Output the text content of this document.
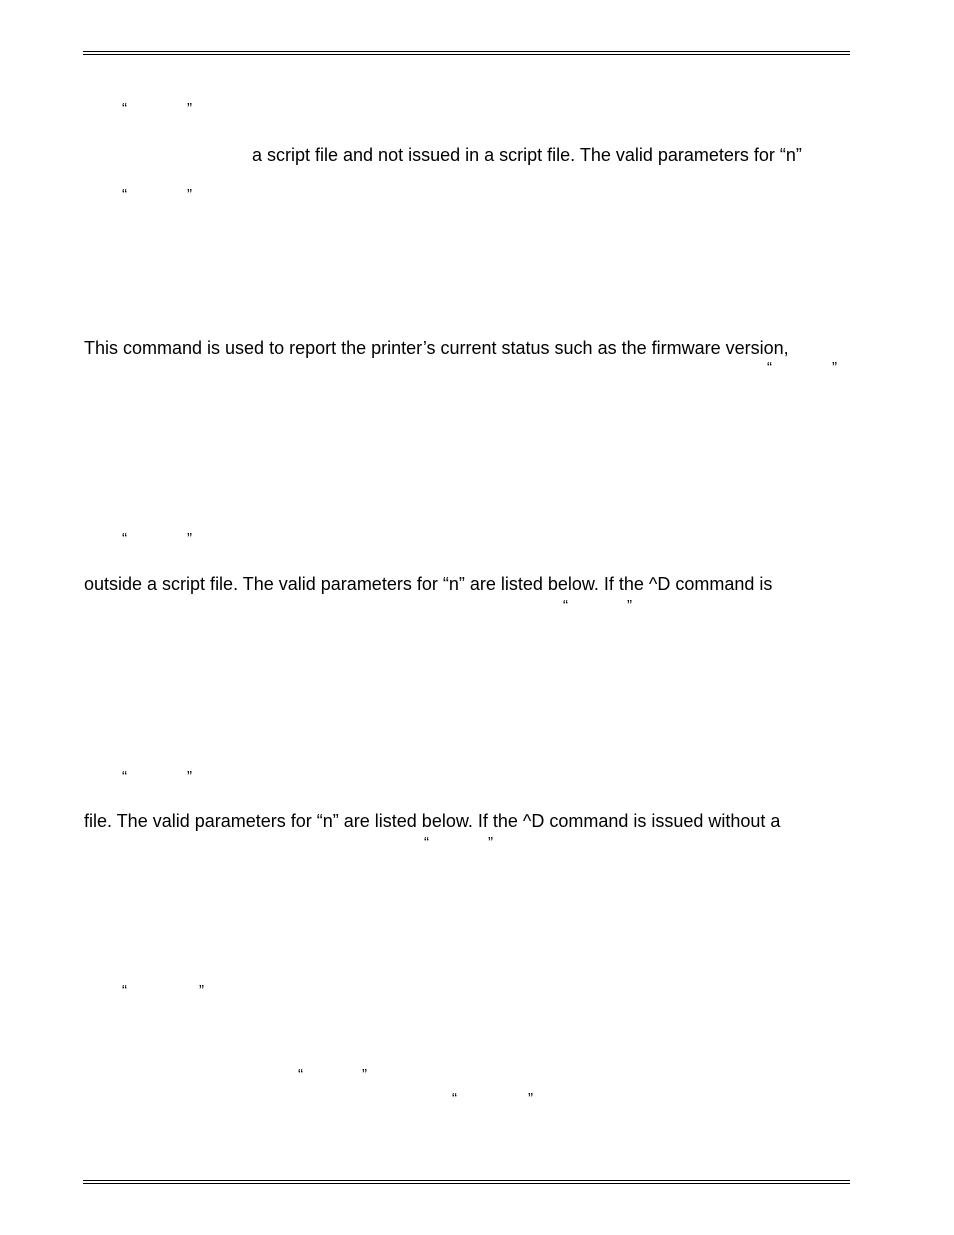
“	”
a script file and not issued in a script file. The valid parameters for “n”
“	”
This command is used to report the printer’s current status such as the firmware version,
“	”
“	”
outside a script file. The valid parameters for “n” are listed below. If the ^D command is
“	”
“	”
file. The valid parameters for “n” are listed below. If the ^D command is issued without a
“	”
“	”
“	”
“	”
